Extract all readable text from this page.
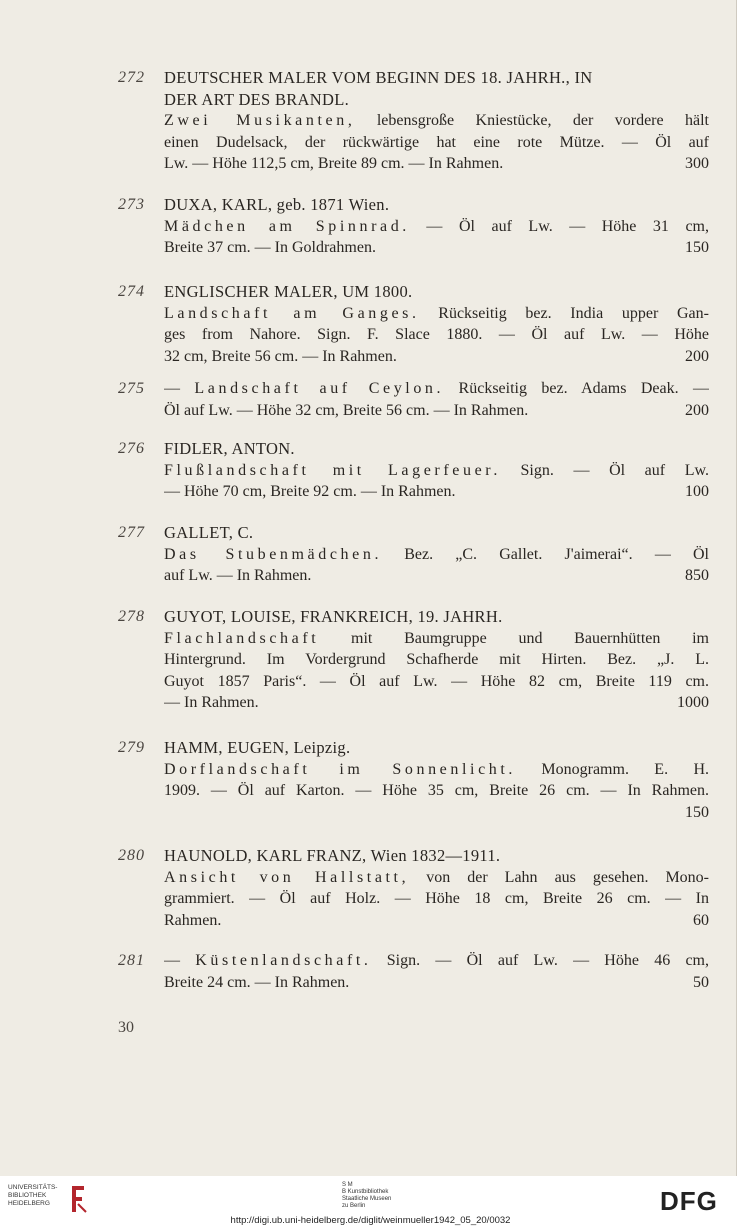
272	DEUTSCHER MALER VOM BEGINN DES 18. JAHRH., IN
DER ART DES BRANDL.
Zwei Musikanten, lebensgroße Kniestücke, der vordere hält
einen Dudelsack, der rückwärtige hat eine rote Mütze. — Öl auf
Lw. — Höhe 112,5 cm, Breite 89 cm. — In Rahmen.	300
273	DUXA, KARL, geb. 1871 Wien.
Mädchen am Spinnrad. — Öl auf Lw. — Höhe 31 cm,
Breite 37 cm. — In Goldrahmen.	150
274	ENGLISCHER MALER, UM 1800.
Landschaft am Ganges. Rückseitig bez. India upper Gan-
ges from Nahore. Sign. F. Slace 1880. — Öl auf Lw. — Höhe
32 cm, Breite 56 cm. — In Rahmen.	200
275	— Landschaft auf Ceylon. Rückseitig bez. Adams Deak. —
Öl auf Lw. — Höhe 32 cm, Breite 56 cm. — In Rahmen.	200
276	FIDLER, ANTON.
Flußlandschaft mit Lagerfeuer. Sign. — Öl auf Lw.
— Höhe 70 cm, Breite 92 cm. — In Rahmen.	100
277	GALLET, C.
Das Stubenmädchen. Bez. „C. Gallet. J'aimerai“. — Öl
auf Lw. — In Rahmen.	850
278	GUYOT, LOUISE, FRANKREICH, 19. JAHRH.
Flachlandschaft mit Baumgruppe und Bauernhütten im
Hintergrund. Im Vordergrund Schafherde mit Hirten. Bez. „J. L.
Guyot 1857 Paris“. — Öl auf Lw. — Höhe 82 cm, Breite 119 cm.
— In Rahmen.	1000
279	HAMM, EUGEN, Leipzig.
Dorflandschaft im Sonnenlicht. Monogramm. E. H.
1909. — Öl auf Karton. — Höhe 35 cm, Breite 26 cm. — In Rahmen.
150
280	HAUNOLD, KARL FRANZ, Wien 1832—1911.
Ansicht von Hallstatt, von der Lahn aus gesehen. Mono-
grammiert. — Öl auf Holz. — Höhe 18 cm, Breite 26 cm. — In
Rahmen.	60
281	— Küstenlandschaft. Sign. — Öl auf Lw. — Höhe 46 cm,
Breite 24 cm. — In Rahmen.	50
30
UNIVERSITÄTS-
BIBLIOTHEK
HEIDELBERG
S M
B Kunstbibliothek
Staatliche Museen
zu Berlin	DFG
http://digi.ub.uni-heidelberg.de/diglit/weinmueller1942_05_20/0032
